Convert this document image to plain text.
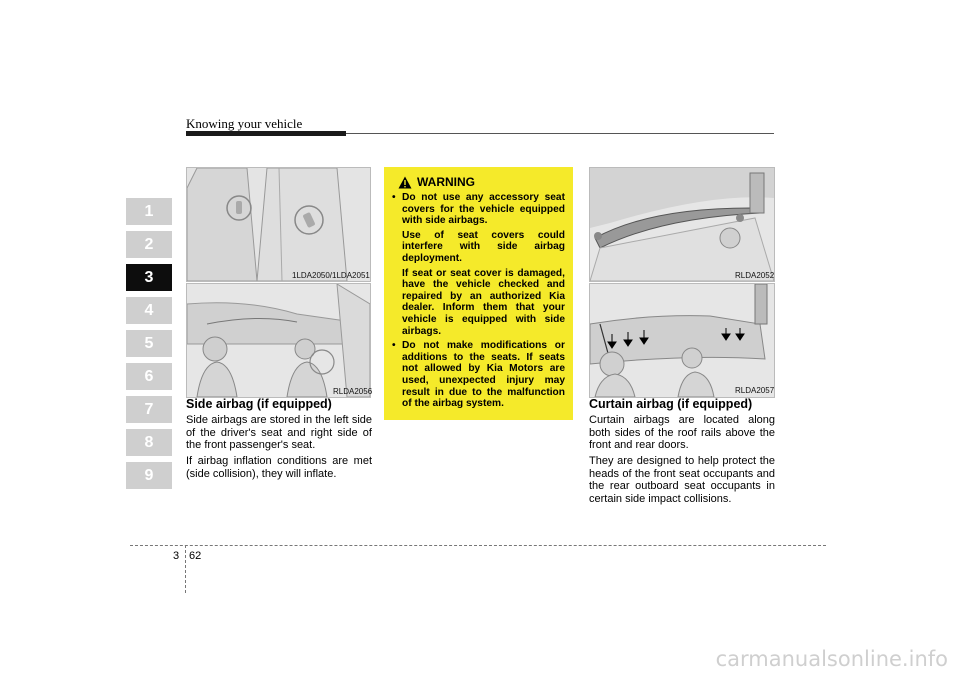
Knowing your vehicle
1
2
3
4
5
6
7
8
9
1LDA2050/1LDA2051
RLDA2056
Side airbag (if equipped)
Side airbags are stored in the left side of the driver's seat and right side of the front passenger's seat.
If airbag inflation conditions are met (side collision), they will inflate.
WARNING
• Do not use any accessory seat covers for the vehicle equipped with side airbags.

Use of seat covers could interfere with side airbag deployment.

If seat or seat cover is damaged, have the vehicle checked and repaired by an authorized Kia dealer. Inform them that your vehicle is equipped with side airbags.

• Do not make modifications or additions to the seats. If seats not allowed by Kia Motors are used, unexpected injury may result in due to the malfunction of the airbag system.

RLDA2052
RLDA2057
Curtain airbag (if equipped)
Curtain airbags are located along both sides of the roof rails above the front and rear doors.
They are designed to help protect the heads of the front seat occupants and the rear outboard seat occupants in certain side impact collisions.
3 62
carmanualsonline.info
